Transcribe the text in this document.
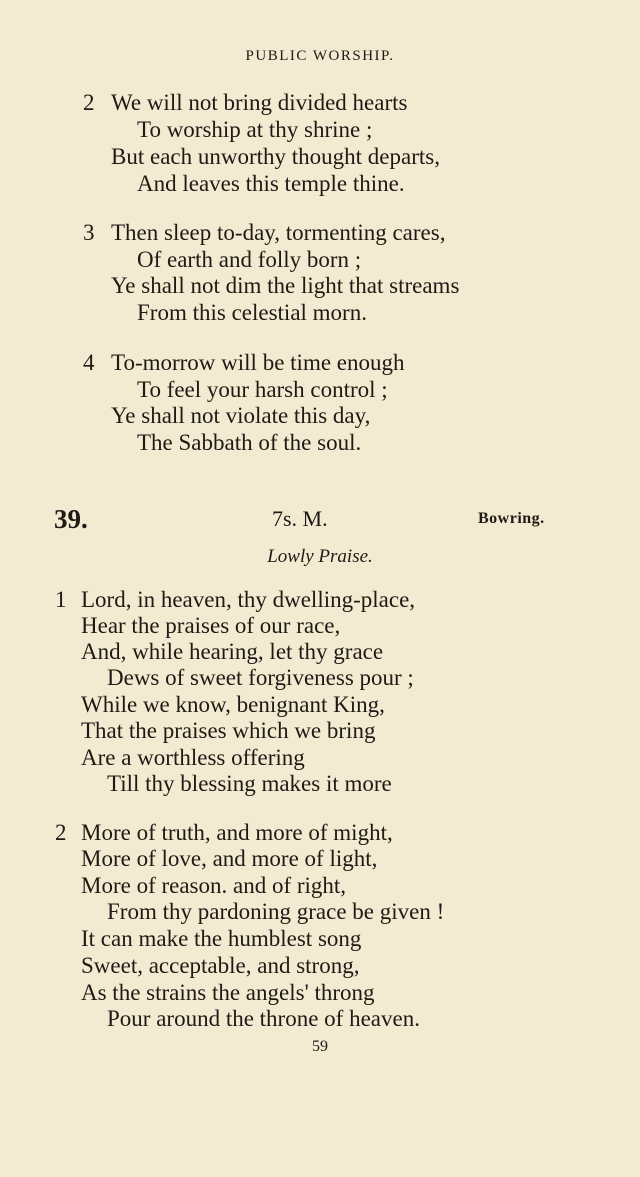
PUBLIC WORSHIP.
2 We will not bring divided hearts
To worship at thy shrine ;
But each unworthy thought departs,
And leaves this temple thine.
3 Then sleep to-day, tormenting cares,
Of earth and folly born ;
Ye shall not dim the light that streams
From this celestial morn.
4 To-morrow will be time enough
To feel your harsh control ;
Ye shall not violate this day,
The Sabbath of the soul.
39.	7s. M.	Bowring.
Lowly Praise.
1 Lord, in heaven, thy dwelling-place,
Hear the praises of our race,
And, while hearing, let thy grace
Dews of sweet forgiveness pour ;
While we know, benignant King,
That the praises which we bring
Are a worthless offering
Till thy blessing makes it more
2 More of truth, and more of might,
More of love, and more of light,
More of reason. and of right,
From thy pardoning grace be given !
It can make the humblest song
Sweet, acceptable, and strong,
As the strains the angels' throng
Pour around the throne of heaven.
59
